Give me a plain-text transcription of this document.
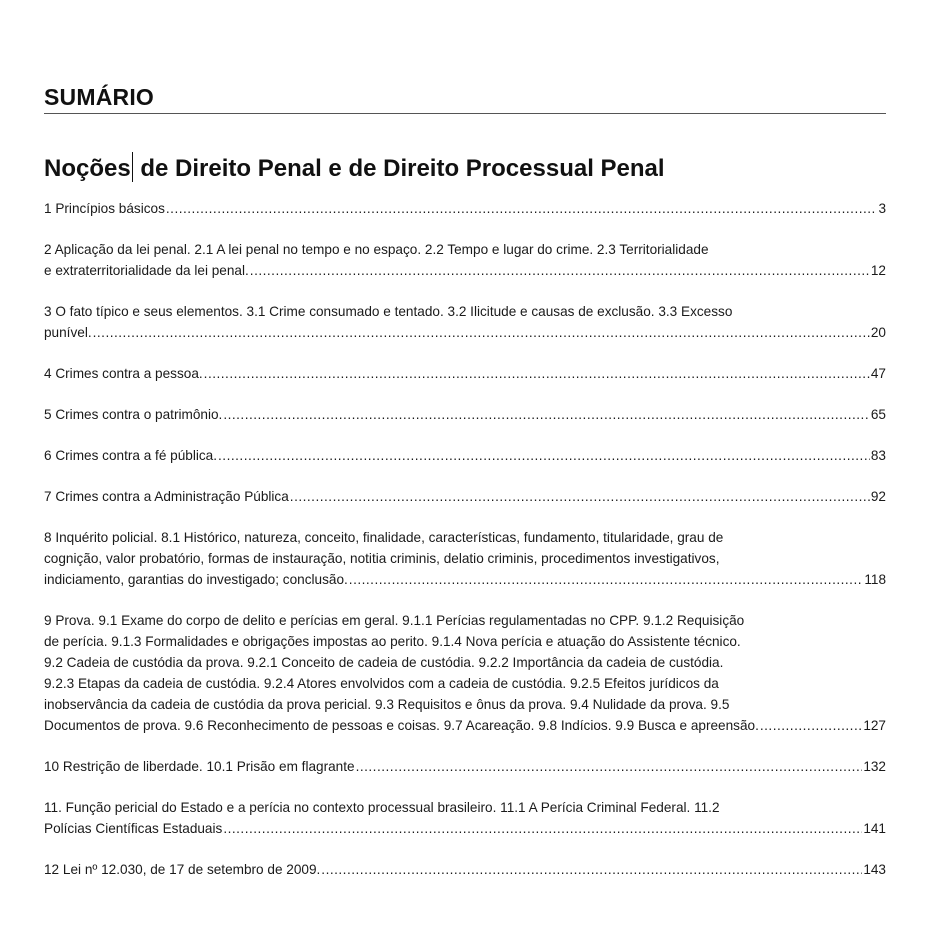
SUMÁRIO
Noções de Direito Penal e de Direito Processual Penal
1 Princípios básicos .....	3
2 Aplicação da lei penal. 2.1 A lei penal no tempo e no espaço. 2.2 Tempo e lugar do crime. 2.3 Territorialidade
e extraterritorialidade da lei penal. .....	12
3 O fato típico e seus elementos. 3.1 Crime consumado e tentado. 3.2 Ilicitude e causas de exclusão. 3.3 Excesso
punível. .....	20
4 Crimes contra a pessoa. .....	47
5 Crimes contra o patrimônio. .....	65
6 Crimes contra a fé pública. .....	83
7 Crimes contra a Administração Pública .....	92
8 Inquérito policial. 8.1 Histórico, natureza, conceito, finalidade, características, fundamento, titularidade, grau de
cognição, valor probatório, formas de instauração, notitia criminis, delatio criminis, procedimentos investigativos,
indiciamento, garantias do investigado; conclusão. .....	118
9 Prova. 9.1 Exame do corpo de delito e perícias em geral. 9.1.1 Perícias regulamentadas no CPP. 9.1.2 Requisição
de perícia. 9.1.3 Formalidades e obrigações impostas ao perito. 9.1.4 Nova perícia e atuação do Assistente técnico.
9.2 Cadeia de custódia da prova. 9.2.1 Conceito de cadeia de custódia. 9.2.2 Importância da cadeia de custódia.
9.2.3 Etapas da cadeia de custódia. 9.2.4 Atores envolvidos com a cadeia de custódia. 9.2.5 Efeitos jurídicos da
inobservância da cadeia de custódia da prova pericial. 9.3 Requisitos e ônus da prova. 9.4 Nulidade da prova. 9.5
Documentos de prova. 9.6 Reconhecimento de pessoas e coisas. 9.7 Acareação. 9.8 Indícios. 9.9 Busca e apreensão. .....	127
10 Restrição de liberdade. 10.1 Prisão em flagrante .....	132
11. Função pericial do Estado e a perícia no contexto processual brasileiro. 11.1 A Perícia Criminal Federal. 11.2
Polícias Científicas Estaduais .....	141
12 Lei nº 12.030, de 17 de setembro de 2009. .....	143
